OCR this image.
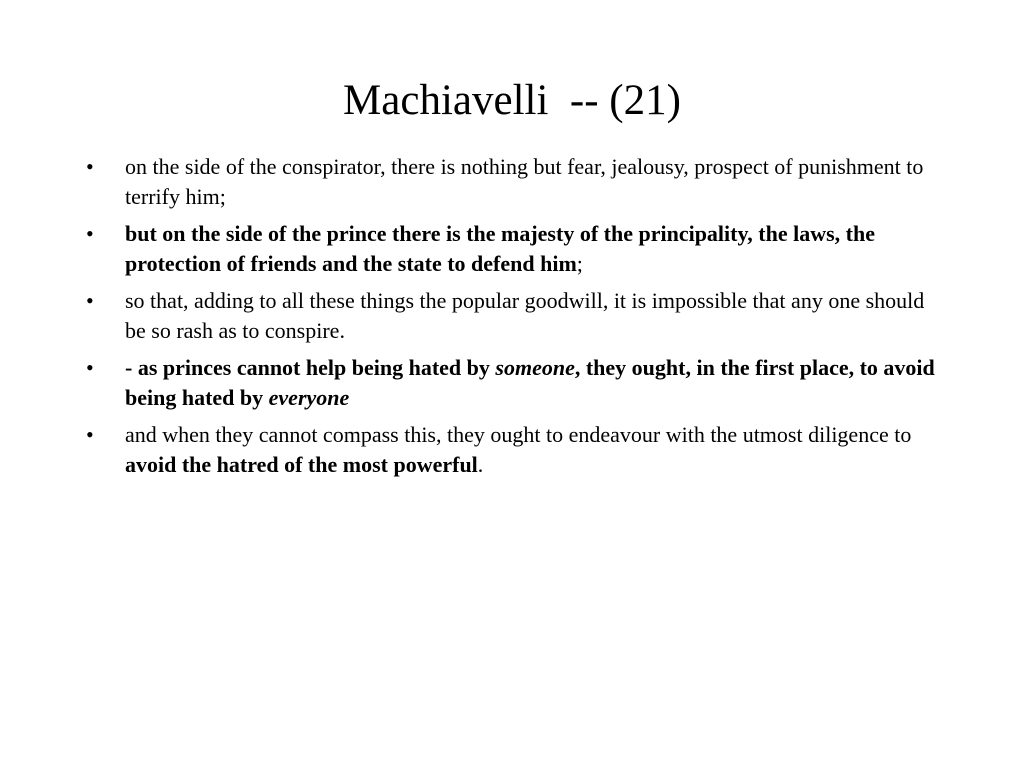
Machiavelli  -- (21)
•	on the side of the conspirator, there is nothing but fear, jealousy, prospect of punishment to terrify him;
•	but on the side of the prince there is the majesty of the principality, the laws, the protection of friends and the state to defend him;
•	so that, adding to all these things the popular goodwill, it is impossible that any one should be so rash as to conspire.
•	- as princes cannot help being hated by someone, they ought, in the first place, to avoid being hated by everyone
•	and when they cannot compass this, they ought to endeavour with the utmost diligence to avoid the hatred of the most powerful.
